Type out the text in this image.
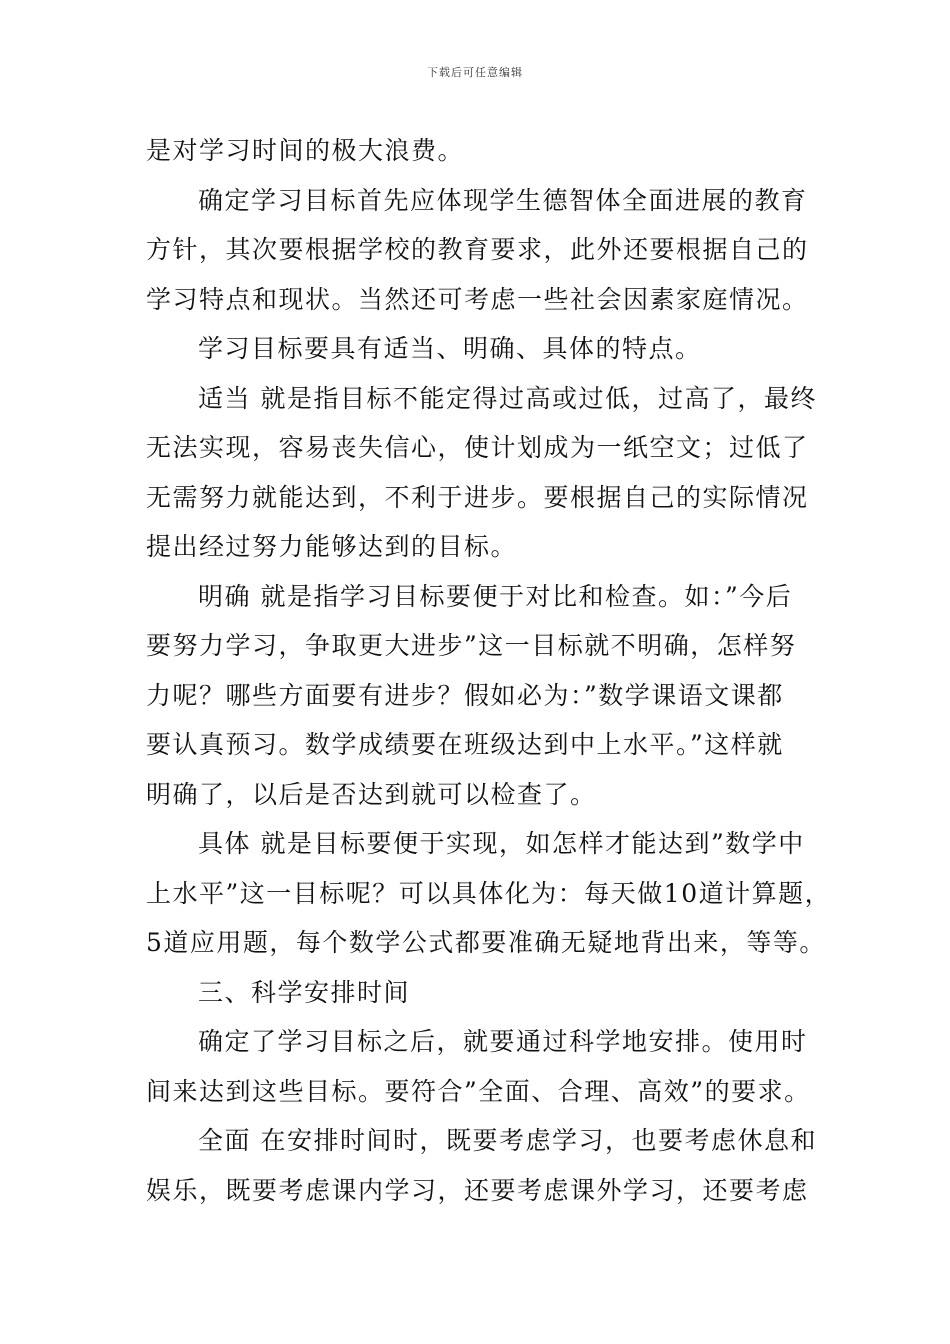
下载后可任意编辑
是对学习时间的极大浪费。
确定学习目标首先应体现学生德智体全面进展的教育
方针，其次要根据学校的教育要求，此外还要根据自己的
学习特点和现状。当然还可考虑一些社会因素家庭情况。
学习目标要具有适当、明确、具体的特点。
适当 就是指目标不能定得过高或过低，过高了，最终
无法实现，容易丧失信心，使计划成为一纸空文；过低了
无需努力就能达到，不利于进步。要根据自己的实际情况
提出经过努力能够达到的目标。
明确 就是指学习目标要便于对比和检查。如：”今后
要努力学习，争取更大进步”这一目标就不明确，怎样努
力呢？哪些方面要有进步？假如必为：”数学课语文课都
要认真预习。数学成绩要在班级达到中上水平。”这样就
明确了，以后是否达到就可以检查了。
具体 就是目标要便于实现，如怎样才能达到”数学中
上水平”这一目标呢？可以具体化为：每天做10道计算题，
5道应用题，每个数学公式都要准确无疑地背出来，等等。
三、科学安排时间
确定了学习目标之后，就要通过科学地安排。使用时
间来达到这些目标。要符合”全面、合理、高效”的要求。
全面 在安排时间时，既要考虑学习，也要考虑休息和
娱乐，既要考虑课内学习，还要考虑课外学习，还要考虑
